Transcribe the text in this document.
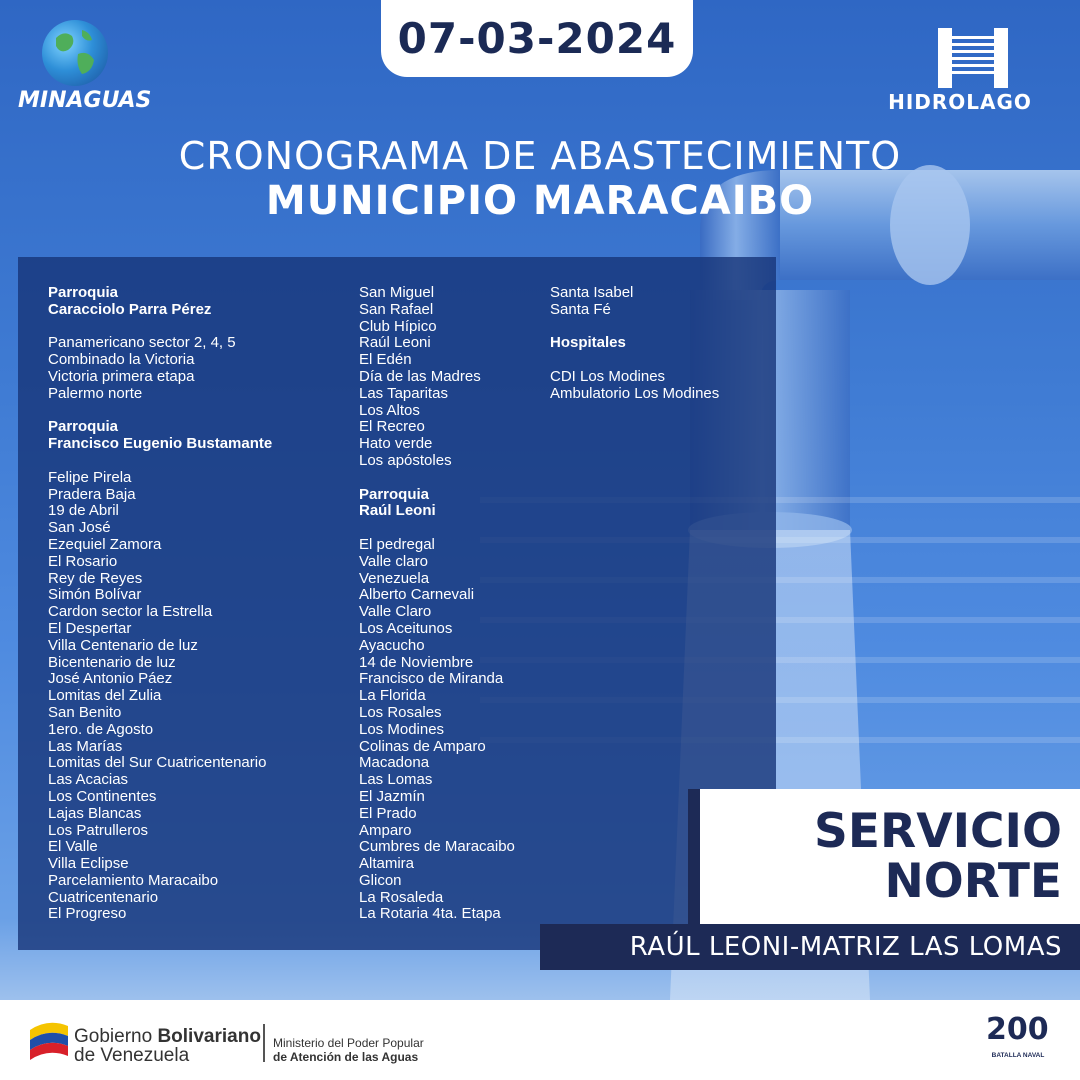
07-03-2024
MINAGUAS	HIDROLAGO
CRONOGRAMA DE ABASTECIMIENTO
MUNICIPIO MARACAIBO
Parroquia
Caracciolo Parra Pérez
Panamericano sector 2, 4, 5
Combinado la Victoria
Victoria primera etapa
Palermo norte
Parroquia
Francisco Eugenio Bustamante
Felipe Pirela
Pradera Baja
19 de Abril
San José
Ezequiel Zamora
El Rosario
Rey de Reyes
Simón Bolívar
Cardon sector la Estrella
El Despertar
Villa Centenario de luz
Bicentenario de luz
José Antonio Páez
Lomitas del Zulia
San Benito
1ero. de Agosto
Las Marías
Lomitas del Sur Cuatricentenario
Las Acacias
Los Continentes
Lajas Blancas
Los Patrulleros
El Valle
Villa Eclipse
Parcelamiento Maracaibo
Cuatricentenario
El Progreso
San Miguel
San Rafael
Club Hípico
Raúl Leoni
El Edén
Día de las Madres
Las Taparitas
Los Altos
El Recreo
Hato verde
Los apóstoles
Parroquia
Raúl Leoni
El pedregal
Valle claro
Venezuela
Alberto Carnevali
Valle Claro
Los Aceitunos
Ayacucho
14 de Noviembre
Francisco de Miranda
La Florida
Los Rosales
Los Modines
Colinas de Amparo
Macadona
Las Lomas
El Jazmín
El Prado
Amparo
Cumbres de Maracaibo
Altamira
Glicon
La Rosaleda
La Rotaria 4ta. Etapa
Santa Isabel
Santa Fé
Hospitales
CDI Los Modines
Ambulatorio Los Modines
SERVICIO
NORTE
RAÚL LEONI-MATRIZ LAS LOMAS
Gobierno Bolivariano
de Venezuela
Ministerio del Poder Popular
de Atención de las Aguas
200
BATALLA NAVAL
